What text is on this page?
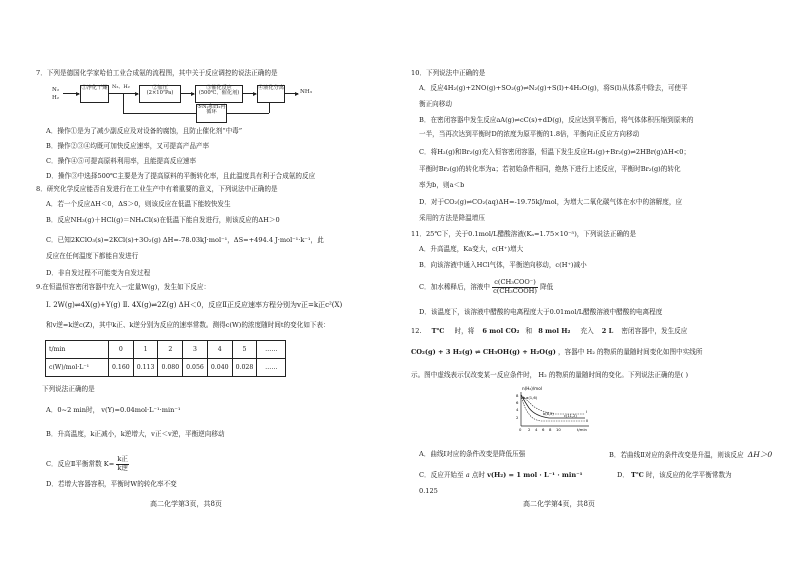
7．下列是德国化学家哈伯工业合成氨的流程图，其中关于反应调控的说法正确的是
N₂
H₂
①净化干燥 N₂、H₂	②加压(2×10⁷Pa)
③催化反应(500℃、催化剂)
④液化分离
NH₃
⑤N₂和H₂再循环
A．操作①是为了减少副反应及对设备的腐蚀，且防止催化剂“中毒”
B．操作②③④均既可加快反应速率，又可提高产品产率
C．操作④⑤可提高原料利用率，且能提高反应速率
D．操作③中选择500℃主要是为了提高原料的平衡转化率，且此温度具有利于合成氨的反应
8．研究化学反应能否自发进行在工业生产中有着重要的意义，下列说法中正确的是
A．若一个反应ΔH＜0，ΔS＞0，则该反应在低温下能较快发生
B．反应NH₃(g)＋HCl(g)＝NH₄Cl(s)在低温下能自发进行，则该反应的ΔH＞0
C．已知2KClO₃(s)=2KCl(s)+3O₂(g) ΔH=-78.03kJ·mol⁻¹，ΔS=+494.4 J·mol⁻¹·k⁻¹，此
反应在任何温度下都能自发进行
D．非自发过程不可能变为自发过程
9.在恒温恒容密闭容器中充入一定量W(g)，发生如下反应：
Ⅰ. 2W(g)⇌4X(g)+Y(g) Ⅱ. 4X(g)⇌2Z(g) ΔH＜0，反应Ⅱ正反应速率方程分别为v正=k正c²(X)
和v逆=k逆c(Z)，其中k正、k逆分别为反应的速率常数。测得c(W)的浓度随时间t的变化如下表：
t/min	0	1	2	3	4	5	……
c(W)/mol·L⁻¹	0.160	0.113	0.080	0.056	0.040	0.028	……
下列说法正确的是
A．0~2 min时， v(Y)=0.04mol·L⁻¹·min⁻¹
B．升高温度，k正减小，k逆增大，v正＜v逆，平衡逆向移动
C．反应Ⅱ平衡常数 $K= \frac{\text{k正}}{\text{k逆}}$
D．若增大容器容积，平衡时W的转化率不变
高二化学第3页，共8页
10．下列说法中正确的是
A．反应4H₂(g)+2NO(g)+SO₂(g)⇌N₂(g)+S(l)+4H₂O(g)，将S(l)从体系中除去，可使平
衡正向移动
B．在密闭容器中发生反应aA(g)⇌cC(s)+dD(g)，反应达到平衡后，将气体体积压缩到原来的
一半，当再次达到平衡时D的浓度为原平衡的1.8倍，平衡向正反应方向移动
C．将H₂(g)和Br₂(g)充入恒容密闭容器，恒温下发生反应H₂(g)+Br₂(g)⇌2HBr(g)ΔH<0；
平衡时Br₂(g)的转化率为a；若初始条件相同，绝热下进行上述反应，平衡时Br₂(g)的转化
率为b，则a＜b
D．对于CO₂(g)⇌CO₂(aq)ΔH=-19.75kJ/mol，为增大二氧化碳气体在水中的溶解度，应
采用的方法是降温增压
11．25℃下，关于0.1mol/L醋酸溶液(Kₐ=1.75×10⁻⁵)，下列说法正确的是
A．升高温度，Ka变大，c(H⁺)增大
B．向该溶液中通入HCl气体，平衡逆向移动，c(H⁺)减小
C．加水稀释后，溶液中 $\frac{\text{c(CH₃COO⁻)}}{\text{c(CH₃COOH)}}$ 降低
D．该温度下，该溶液中醋酸的电离程度大于0.01mol/L醋酸溶液中醋酸的电离程度
12. T℃ 时，将 6 mol CO₂ 和 8 mol H₂ 充入 2 L 密闭容器中，发生反应
CO₂(g) + 3 H₂(g) ⇌ CH₃OH(g) + H₂O(g) ，容器中 H₂ 的物质的量随时间变化如图中实线所
示。图中虚线表示仅改变某一反应条件时， H₂ 的物质的量随时间的变化。下列说法正确的是( )
n(H₂)/mol
8
6
4
2
0 2 4 6 8 10	t/min
a(1,6)
b(8,2)	c(11,2)
Ⅰ
Ⅱ
A．曲线Ⅰ对应的条件改变是降低压强	B．若曲线Ⅱ对应的条件改变是升温，则该反应 ΔH＞0
C．反应开始至 a 点时 v(H₂) = 1 mol · L⁻¹ · min⁻¹	D． T℃ 时，该反应的化学平衡常数为
0.125
高二化学第4页，共8页
